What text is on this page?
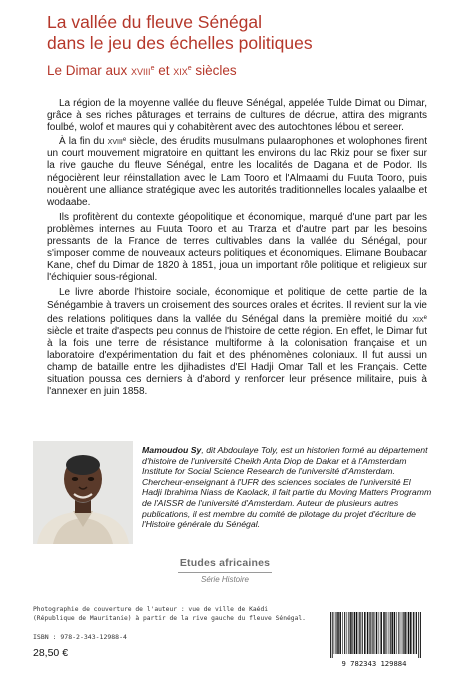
La vallée du fleuve Sénégal
dans le jeu des échelles politiques
Le Dimar aux xviii$^e$ et xix$^e$ siècles

La région de la moyenne vallée du fleuve Sénégal, appelée Tulde Dimat ou Dimar, grâce à ses riches pâturages et terrains de cultures de décrue, attira des migrants foulbé, wolof et maures qui y cohabitèrent avec des autochtones lébou et sereer.

À la fin du xviii$^e$ siècle, des érudits musulmans pulaarophones et wolophones firent un court mouvement migratoire en quittant les environs du lac Rkiz pour se fixer sur la rive gauche du fleuve Sénégal, entre les localités de Dagana et de Podor. Ils négocièrent leur réinstallation avec le Lam Tooro et l'Almaami du Fuuta Tooro, puis nouèrent une alliance stratégique avec les autorités traditionnelles locales yalaalbe et wodaabe.

Ils profitèrent du contexte géopolitique et économique, marqué d'une part par les problèmes internes au Fuuta Tooro et au Trarza et d'autre part par les besoins pressants de la France de terres cultivables dans la vallée du Sénégal, pour s'imposer comme de nouveaux acteurs politiques et économiques. Elimane Boubacar Kane, chef du Dimar de 1820 à 1851, joua un important rôle politique et religieux sur l'échiquier sous-régional.

Le livre aborde l'histoire sociale, économique et politique de cette partie de la Sénégambie à travers un croisement des sources orales et écrites. Il revient sur la vie des relations politiques dans la vallée du Sénégal dans la première moitié du xix$^e$ siècle et traite d'aspects peu connus de l'histoire de cette région. En effet, le Dimar fut à la fois une terre de résistance multiforme à la colonisation française et un laboratoire d'expérimentation du fait et des phénomènes coloniaux. Il fut aussi un champ de bataille entre les djihadistes d'El Hadji Omar Tall et les Français. Cette situation poussa ces derniers à d'abord y renforcer leur présence militaire, puis à l'annexer en juin 1858.

Mamoudou Sy, dit Abdoulaye Toly, est un historien formé au département d'histoire de l'université Cheikh Anta Diop de Dakar et à l'Amsterdam Institute for Social Science Research de l'université d'Amsterdam. Chercheur-enseignant à l'UFR des sciences sociales de l'université El Hadji Ibrahima Niass de Kaolack, il fait partie du Moving Matters Programm de l'AISSR de l'université d'Amsterdam. Auteur de plusieurs autres publications, il est membre du comité de pilotage du projet d'écriture de l'Histoire générale du Sénégal.
Etudes africaines
Série Histoire
Photographie de couverture de l'auteur : vue de ville de Kaédi
(République de Mauritanie) à partir de la rive gauche du fleuve Sénégal.
ISBN : 978-2-343-12988-4
28,50 €
9 782343 129884
